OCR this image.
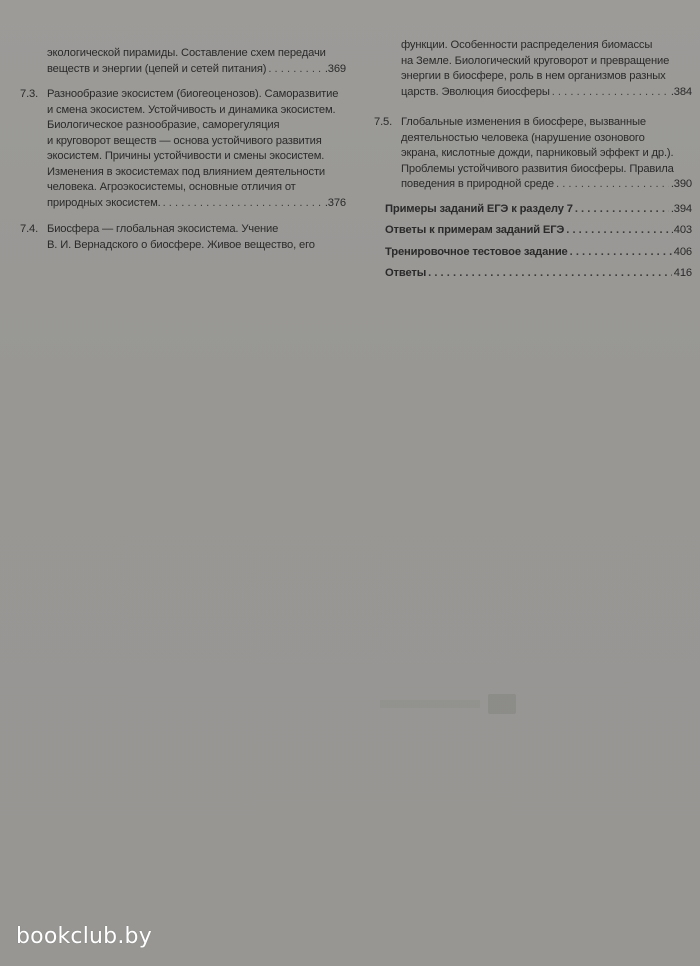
экологической пирамиды. Составление схем передачи
веществ и энергии (цепей и сетей питания) . . .	.369
7.3. Разнообразие экосистем (биогеоценозов). Саморазвитие
и смена экосистем. Устойчивость и динамика экосистем.
Биологическое разнообразие, саморегуляция
и круговорот веществ — основа устойчивого развития
экосистем. Причины устойчивости и смены экосистем.
Изменения в экосистемах под влиянием деятельности
человека. Агроэкосистемы, основные отличия от
природных экосистем. . . .	.376
7.4. Биосфера — глобальная экосистема. Учение
В. И. Вернадского о биосфере. Живое вещество, его
функции. Особенности распределения биомассы
на Земле. Биологический круговорот и превращение
энергии в биосфере, роль в нем организмов разных
царств. Эволюция биосферы . . .	.384
7.5. Глобальные изменения в биосфере, вызванные
деятельностью человека (нарушение озонового
экрана, кислотные дожди, парниковый эффект и др.).
Проблемы устойчивого развития биосферы. Правила
поведения в природной среде . . .	.390
Примеры заданий ЕГЭ к разделу 7 . . .	.394
Ответы к примерам заданий ЕГЭ . . .	.403
Тренировочное тестовое задание . . .	406
Ответы . . .	416
bookclub.by
